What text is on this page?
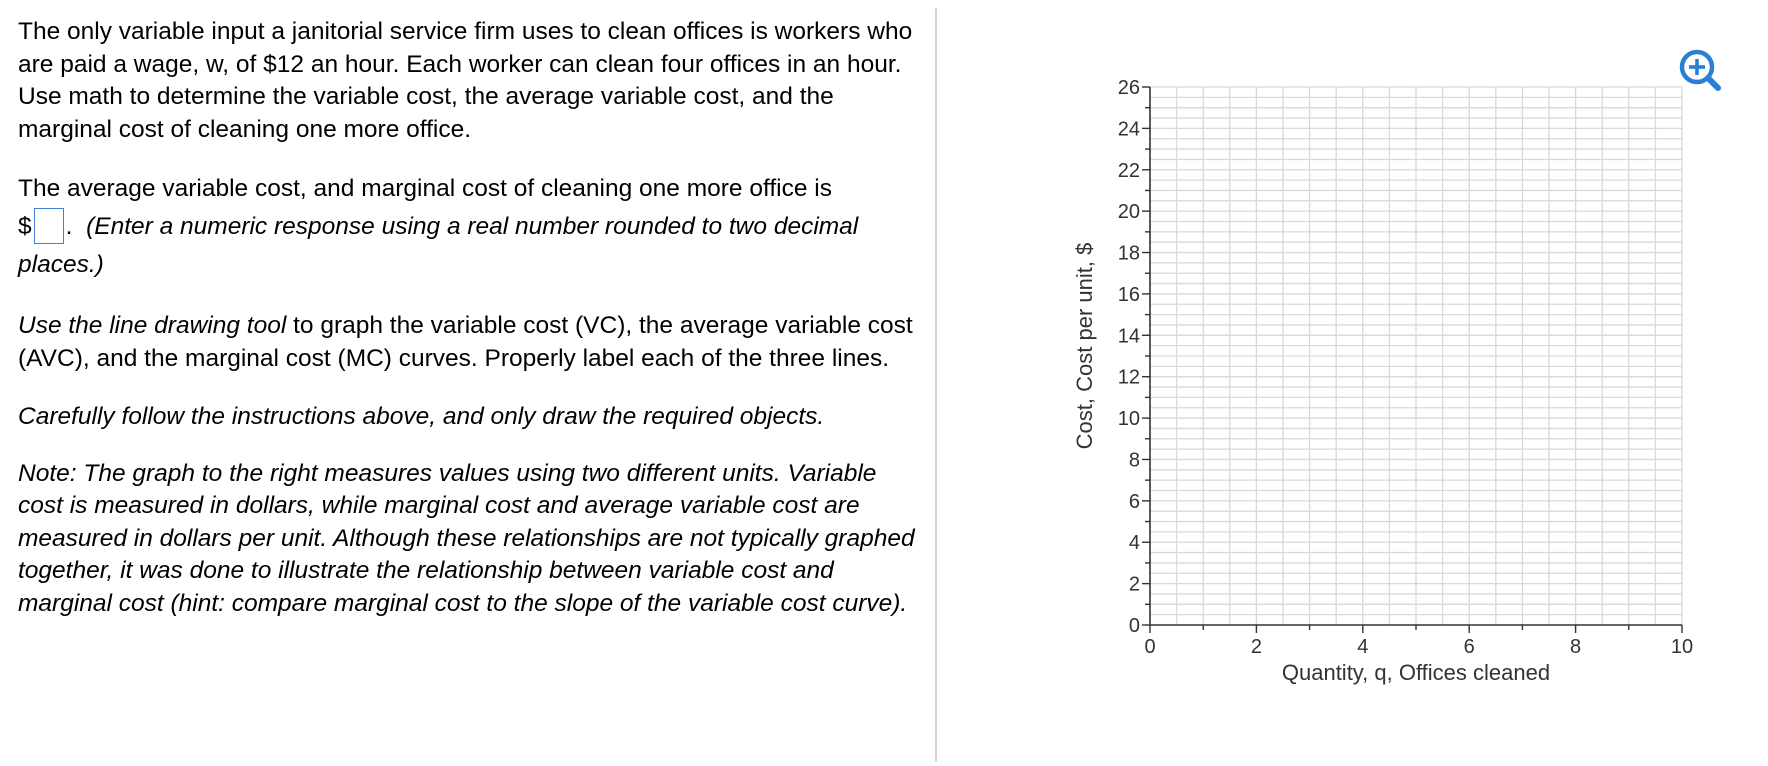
The only variable input a janitorial service firm uses to clean offices is workers who are paid a wage, w, of $12 an hour. Each worker can clean four offices in an hour. Use math to determine the variable cost, the average variable cost, and the marginal cost of cleaning one more office.

The average variable cost, and marginal cost of cleaning one more office is
$ . (Enter a numeric response using a real number rounded to two decimal places.)

Use the line drawing tool to graph the variable cost (VC), the average variable cost (AVC), and the marginal cost (MC) curves. Properly label each of the three lines.

Carefully follow the instructions above, and only draw the required objects.

Note: The graph to the right measures values using two different units. Variable cost is measured in dollars, while marginal cost and average variable cost are measured in dollars per unit. Although these relationships are not typically graphed together, it was done to illustrate the relationship between variable cost and marginal cost (hint: compare marginal cost to the slope of the variable cost curve).

0
2
4
6
8
10
12
14
16
18
20
22
24
26
0	2	4	6	8	10
Quantity, q, Offices cleaned
Cost, Cost per unit, $
